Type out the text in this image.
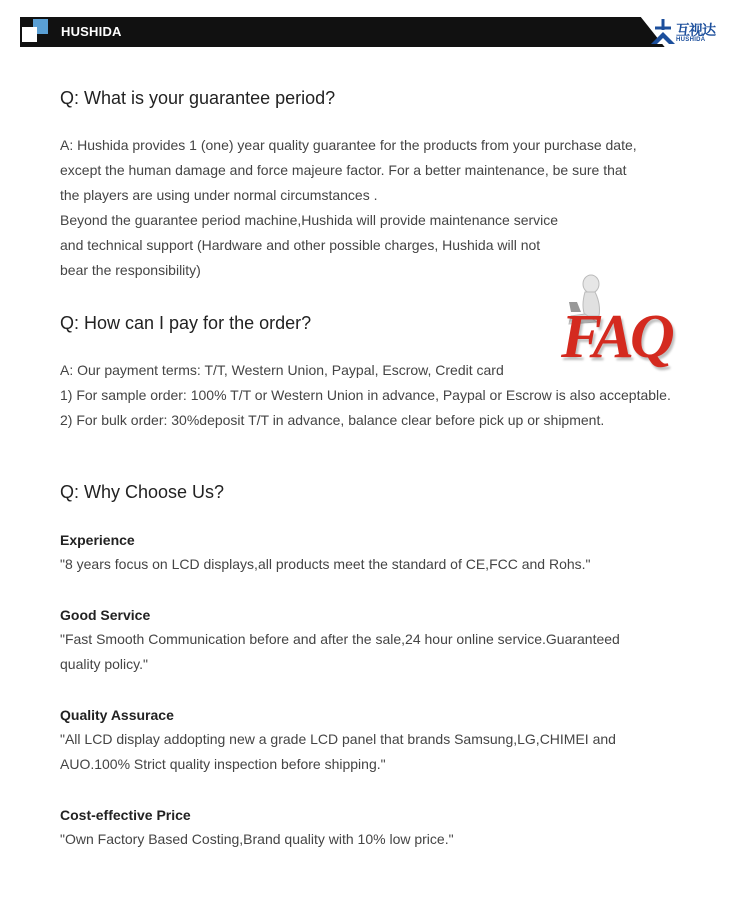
HUSHIDA	互视达
HUSHIDA
Q: What is your guarantee period?
A: Hushida provides 1 (one) year quality guarantee for the products from your purchase date,
except the human damage and force majeure factor. For a better maintenance, be sure that
the players are using under normal circumstances .
Beyond the guarantee period machine,Hushida will provide maintenance service
and technical support (Hardware and other possible charges, Hushida will not
bear the responsibility)
FAQ
Q: How can I pay for the order?
A: Our payment terms: T/T, Western Union, Paypal, Escrow, Credit card
1) For sample order: 100% T/T or Western Union in advance, Paypal or Escrow is also acceptable.
2) For bulk order: 30%deposit T/T in advance, balance clear before pick up or shipment.
Q: Why Choose Us?
Experience
"8 years focus on LCD displays,all products meet the standard of CE,FCC and Rohs."
Good Service
"Fast Smooth Communication before and after the sale,24 hour online service.Guaranteed
quality policy."
Quality Assurace
"All LCD display addopting new a grade LCD panel that brands Samsung,LG,CHIMEI and
AUO.100% Strict quality inspection before shipping."
Cost-effective Price
"Own Factory Based Costing,Brand quality with 10% low price."
